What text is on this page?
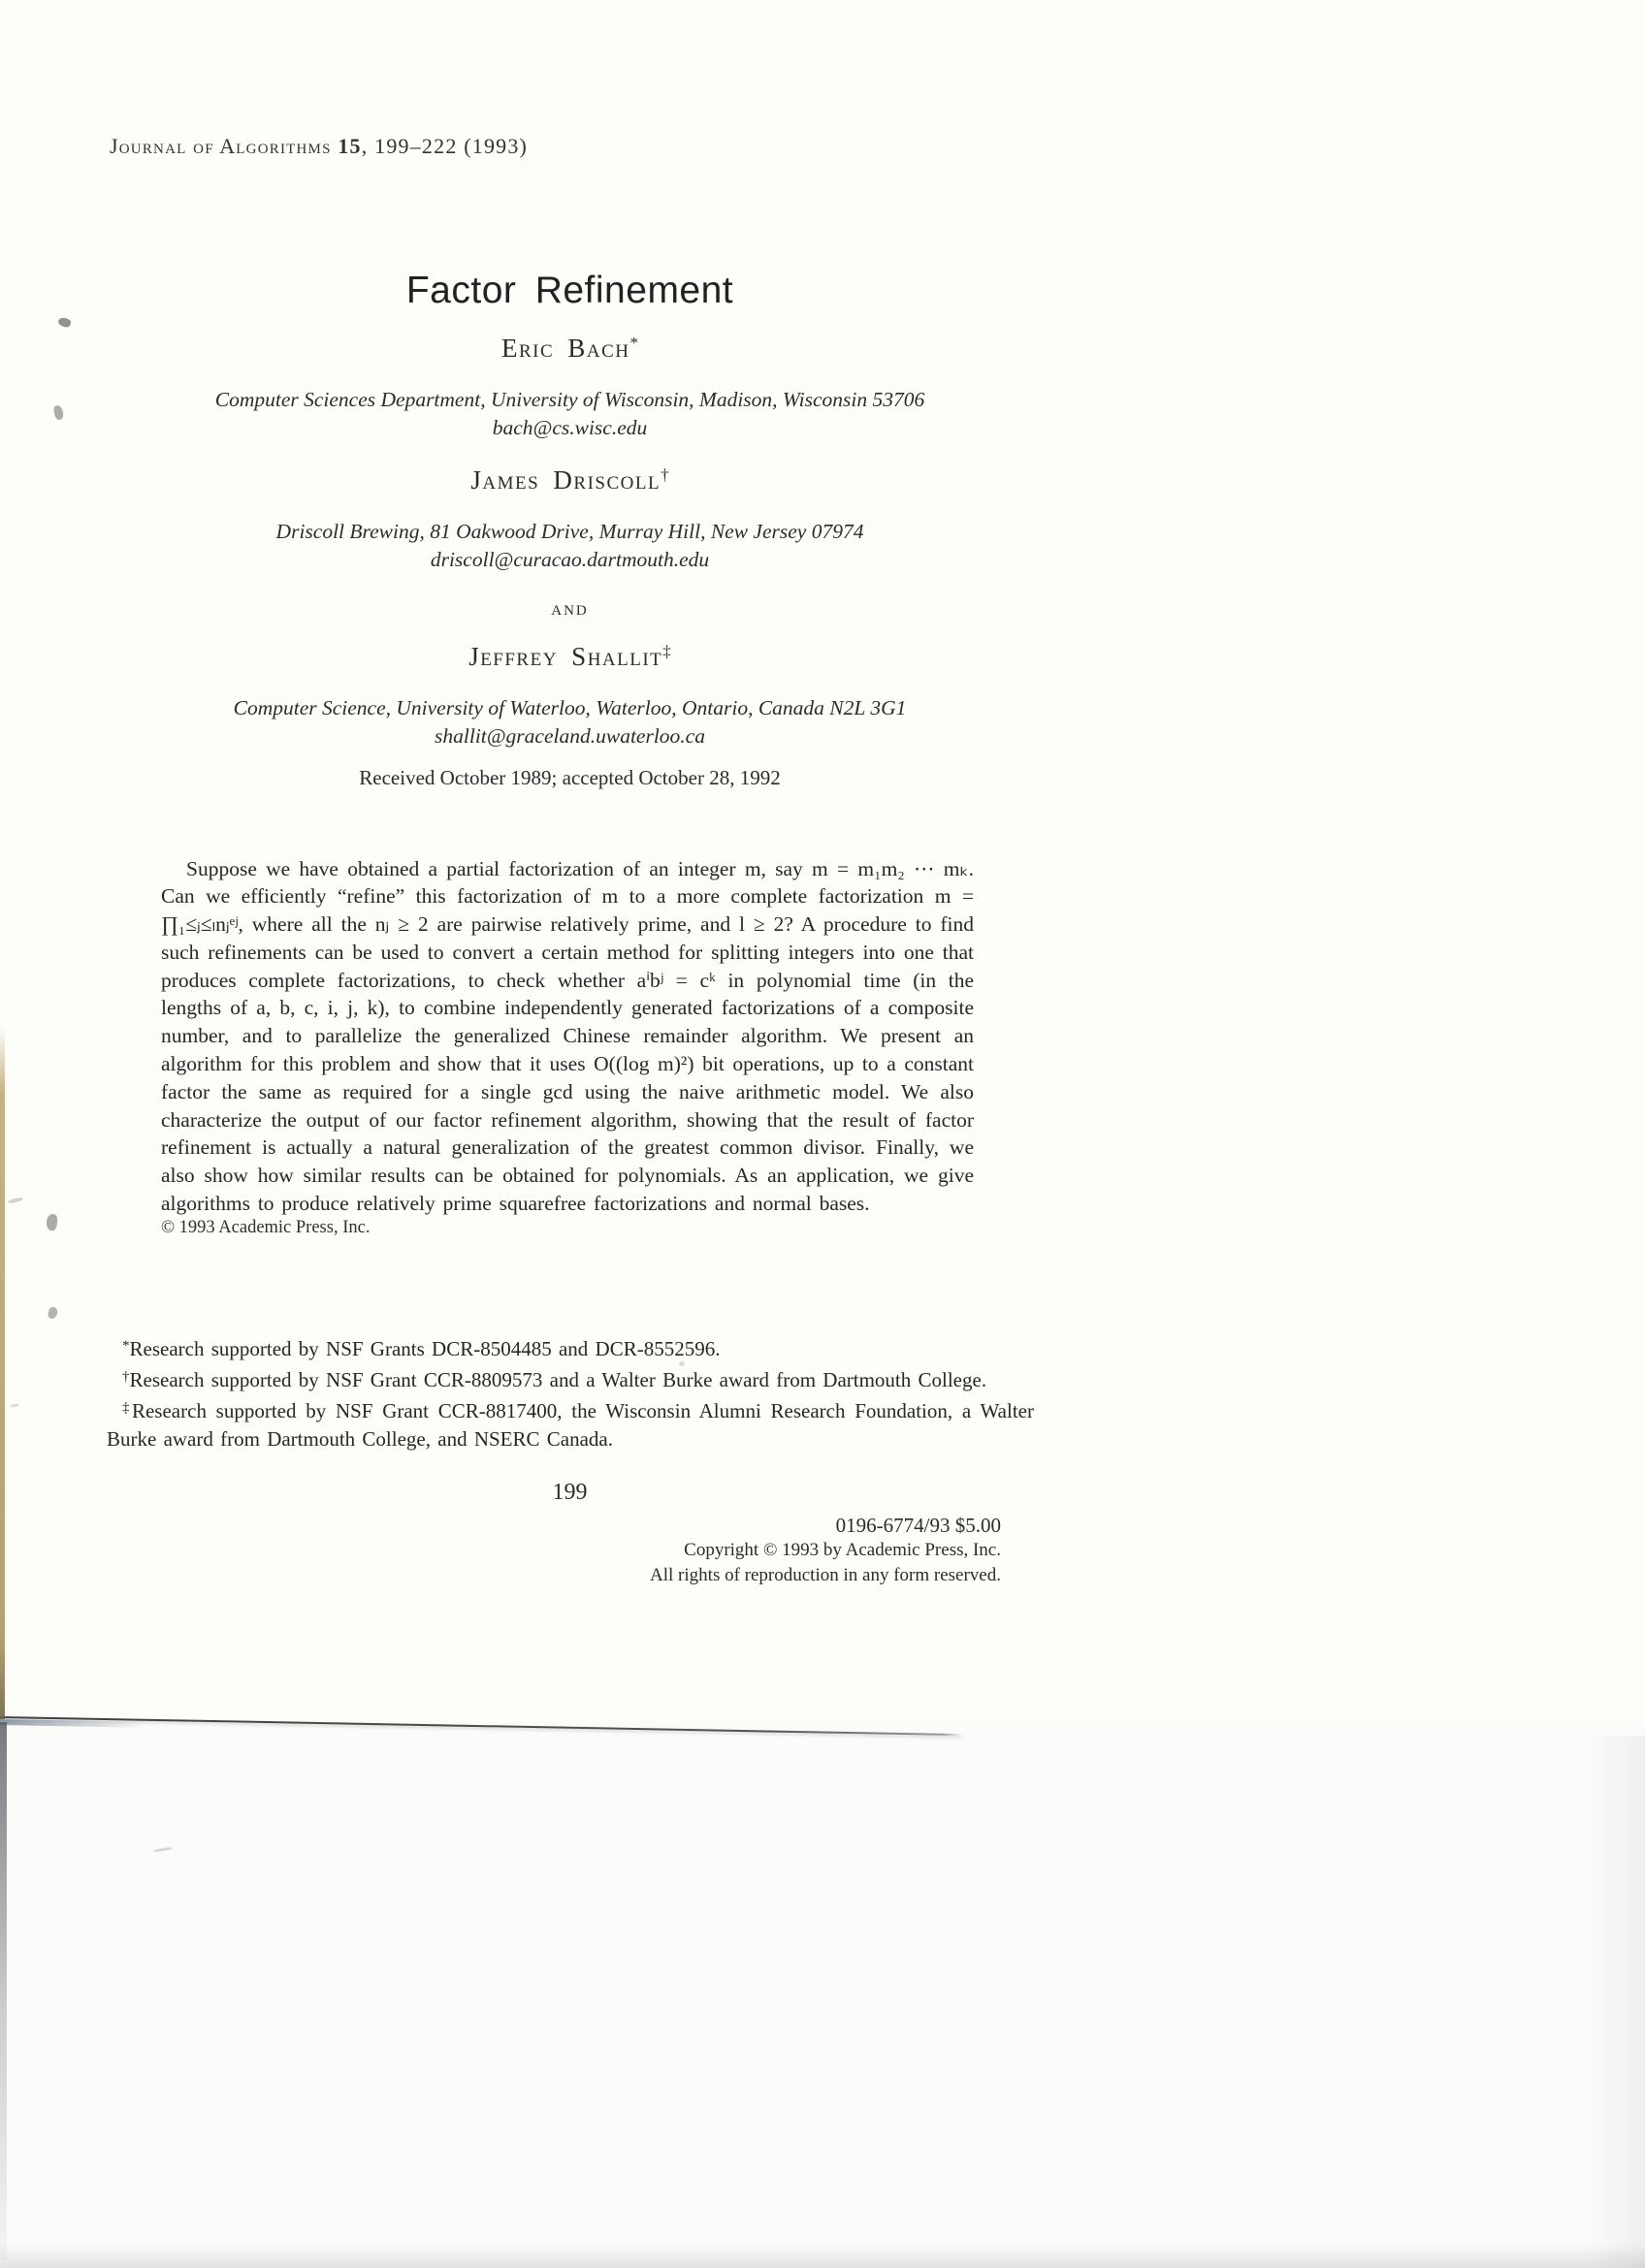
Journal of Algorithms 15, 199–222 (1993)
Factor Refinement
Eric Bach*
Computer Sciences Department, University of Wisconsin, Madison, Wisconsin 53706
bach@cs.wisc.edu
James Driscoll†
Driscoll Brewing, 81 Oakwood Drive, Murray Hill, New Jersey 07974
driscoll@curacao.dartmouth.edu
and
Jeffrey Shallit‡
Computer Science, University of Waterloo, Waterloo, Ontario, Canada N2L 3G1
shallit@graceland.uwaterloo.ca
Received October 1989; accepted October 28, 1992

Suppose we have obtained a partial factorization of an integer m, say m = m₁m₂ ⋯ mₖ. Can we efficiently “refine” this factorization of m to a more complete factorization m = ∏₁≤ⱼ≤ₗnⱼᵉʲ, where all the nⱼ ≥ 2 are pairwise relatively prime, and l ≥ 2? A procedure to find such refinements can be used to convert a certain method for splitting integers into one that produces complete factorizations, to check whether aⁱbʲ = cᵏ in polynomial time (in the lengths of a, b, c, i, j, k), to combine independently generated factorizations of a composite number, and to parallelize the generalized Chinese remainder algorithm. We present an algorithm for this problem and show that it uses O((log m)²) bit operations, up to a constant factor the same as required for a single gcd using the naive arithmetic model. We also characterize the output of our factor refinement algorithm, showing that the result of factor refinement is actually a natural generalization of the greatest common divisor. Finally, we also show how similar results can be obtained for polynomials. As an application, we give algorithms to produce relatively prime squarefree factorizations and normal bases.

© 1993 Academic Press, Inc.

*Research supported by NSF Grants DCR-8504485 and DCR-8552596.

†Research supported by NSF Grant CCR-8809573 and a Walter Burke award from Dartmouth College.

‡Research supported by NSF Grant CCR-8817400, the Wisconsin Alumni Research Foundation, a Walter Burke award from Dartmouth College, and NSERC Canada.

199
0196-6774/93 $5.00
Copyright © 1993 by Academic Press, Inc.
All rights of reproduction in any form reserved.
